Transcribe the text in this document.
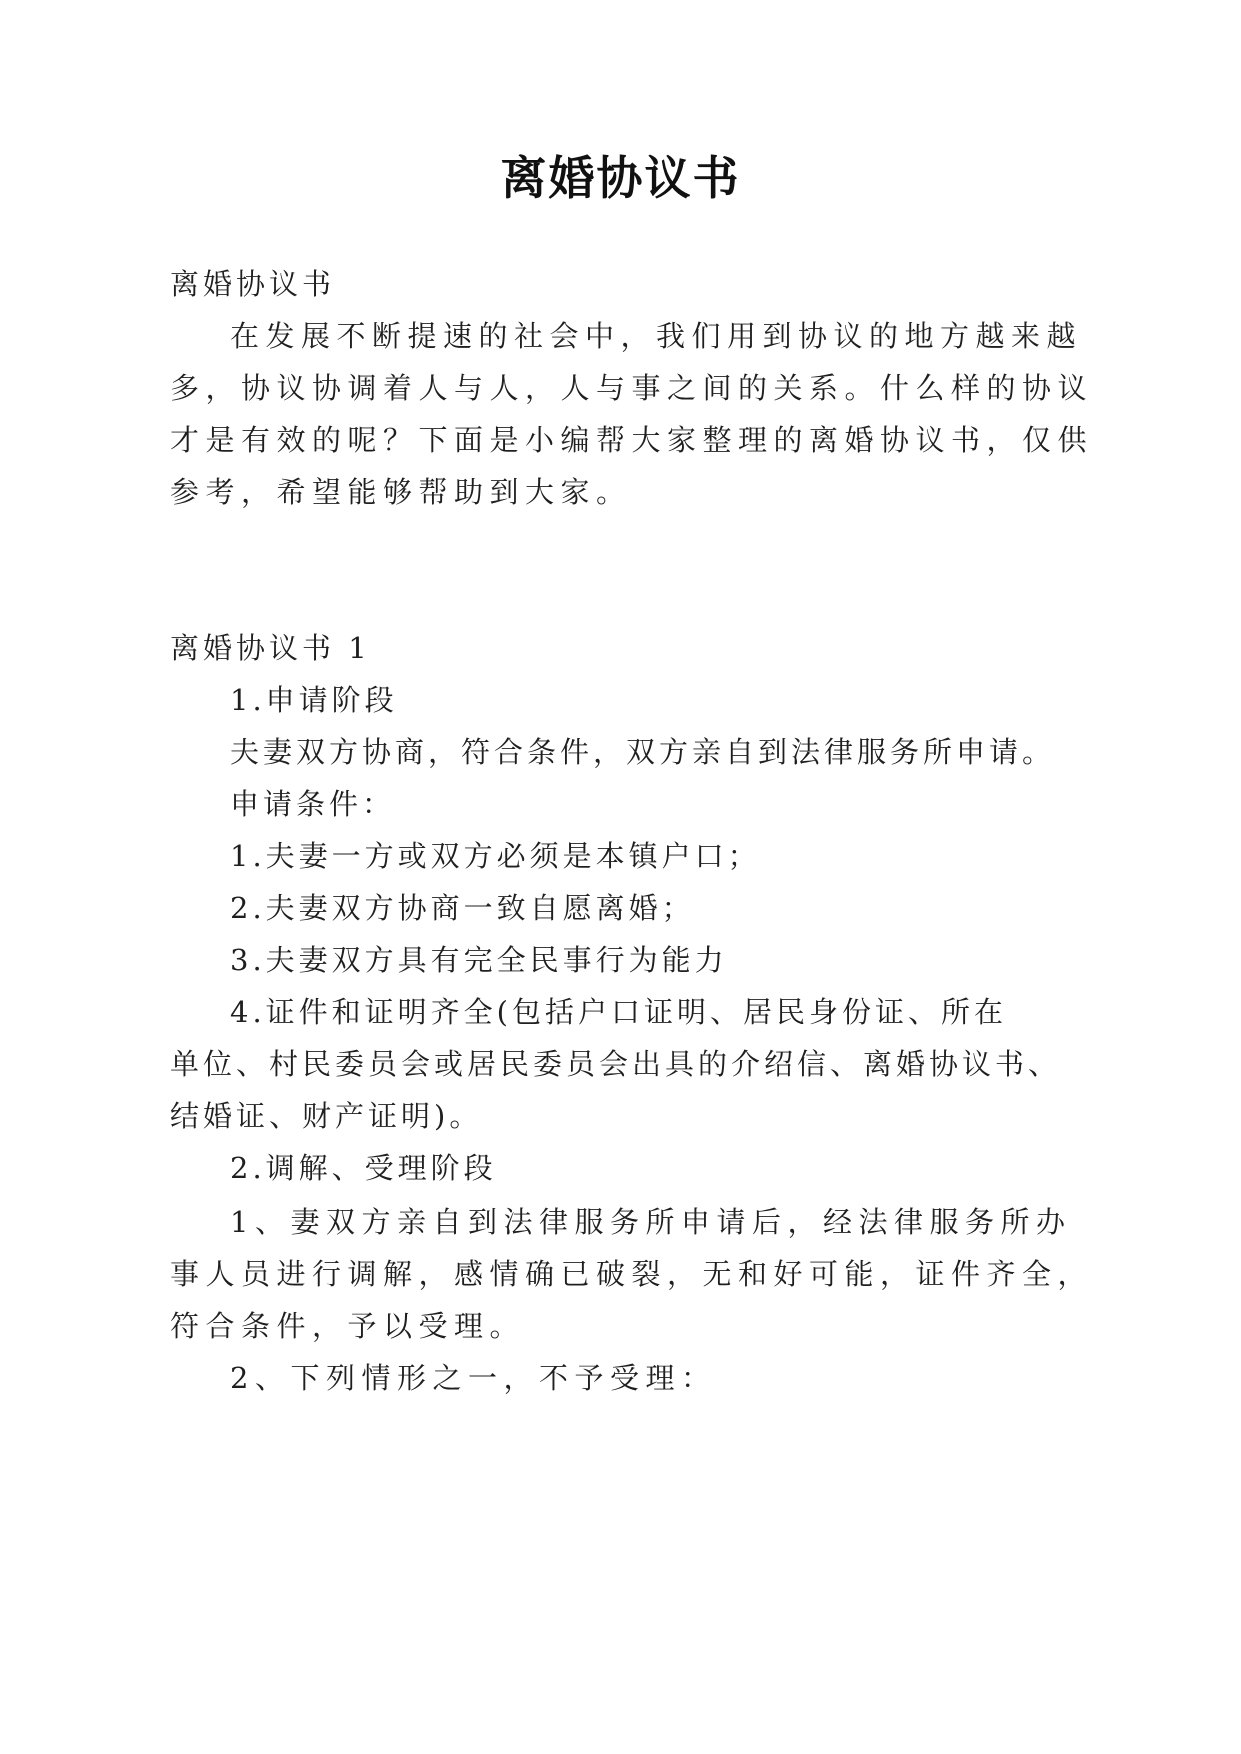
离婚协议书
离婚协议书
在发展不断提速的社会中，我们用到协议的地方越来越
多，协议协调着人与人，人与事之间的关系。什么样的协议
才是有效的呢？下面是小编帮大家整理的离婚协议书，仅供
参考，希望能够帮助到大家。
离婚协议书 1
1.申请阶段
夫妻双方协商，符合条件，双方亲自到法律服务所申请。
申请条件：
1.夫妻一方或双方必须是本镇户口；
2.夫妻双方协商一致自愿离婚；
3.夫妻双方具有完全民事行为能力
4.证件和证明齐全(包括户口证明、居民身份证、所在
单位、村民委员会或居民委员会出具的介绍信、离婚协议书、
结婚证、财产证明)。
2.调解、受理阶段
1、妻双方亲自到法律服务所申请后，经法律服务所办
事人员进行调解，感情确已破裂，无和好可能，证件齐全，
符合条件，予以受理。
2、下列情形之一，不予受理：
